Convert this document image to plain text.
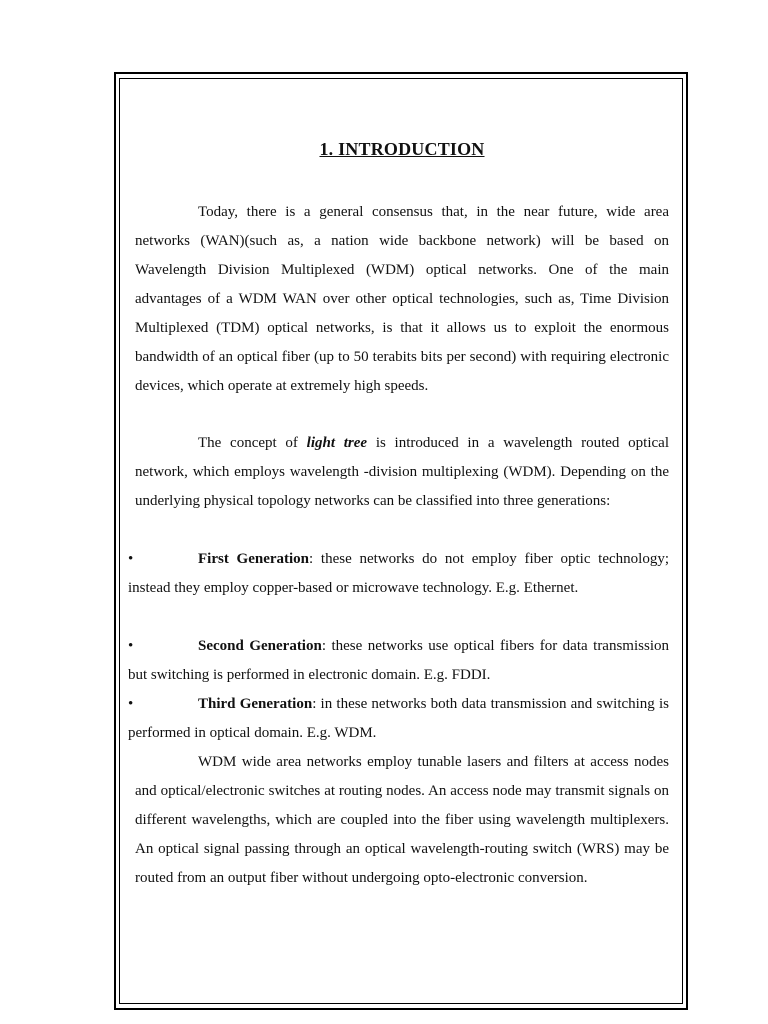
1. INTRODUCTION

Today, there is a general consensus that, in the near future, wide area networks (WAN)(such as, a nation wide backbone network) will be based on Wavelength Division Multiplexed (WDM) optical networks. One of the main advantages of a WDM WAN over other optical technologies, such as, Time Division Multiplexed (TDM) optical networks, is that it allows us to exploit the enormous bandwidth of an optical fiber (up to 50 terabits bits per second) with requiring electronic devices, which operate at extremely high speeds.

The concept of light tree is introduced in a wavelength routed optical network, which employs wavelength -division multiplexing (WDM). Depending on the underlying physical topology networks can be classified into three generations:

•	First Generation: these networks do not employ fiber optic technology; instead they employ copper-based or microwave technology. E.g. Ethernet.

•	Second Generation: these networks use optical fibers for data transmission but switching is performed in electronic domain. E.g. FDDI.

•	Third Generation: in these networks both data transmission and switching is performed in optical domain. E.g. WDM.

WDM wide area networks employ tunable lasers and filters at access nodes and optical/electronic switches at routing nodes. An access node may transmit signals on different wavelengths, which are coupled into the fiber using wavelength multiplexers. An optical signal passing through an optical wavelength-routing switch (WRS) may be routed from an output fiber without undergoing opto-electronic conversion.
